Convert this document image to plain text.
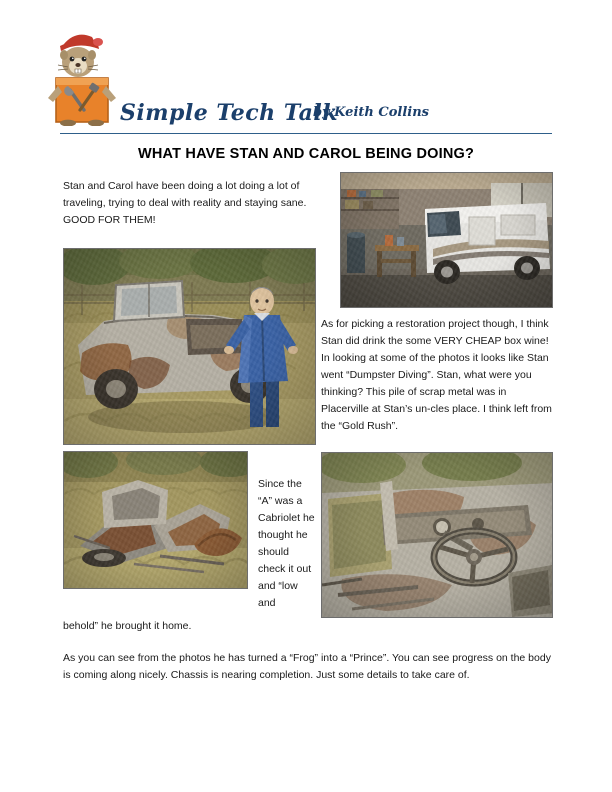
Simple Tech Talk
by Keith Collins
WHAT HAVE STAN AND CAROL BEING DOING?
Stan and Carol have been doing a lot doing a lot of traveling, trying to deal with reality and staying sane. GOOD FOR THEM!
As for picking a restoration project though, I think Stan did drink the some VERY CHEAP box wine! In looking at some of the photos it looks like Stan went “Dumpster Diving”. Stan, what were you thinking? This pile of scrap metal was in Placerville at Stan’s un-cles place. I think left from the “Gold Rush”.
Since the “A” was a Cabriolet he thought he should check it out and “low and
behold” he brought it home.
As you can see from the photos he has turned a “Frog” into a “Prince”. You can see progress on the body is coming along nicely. Chassis is nearing completion. Just some details to take care of.
